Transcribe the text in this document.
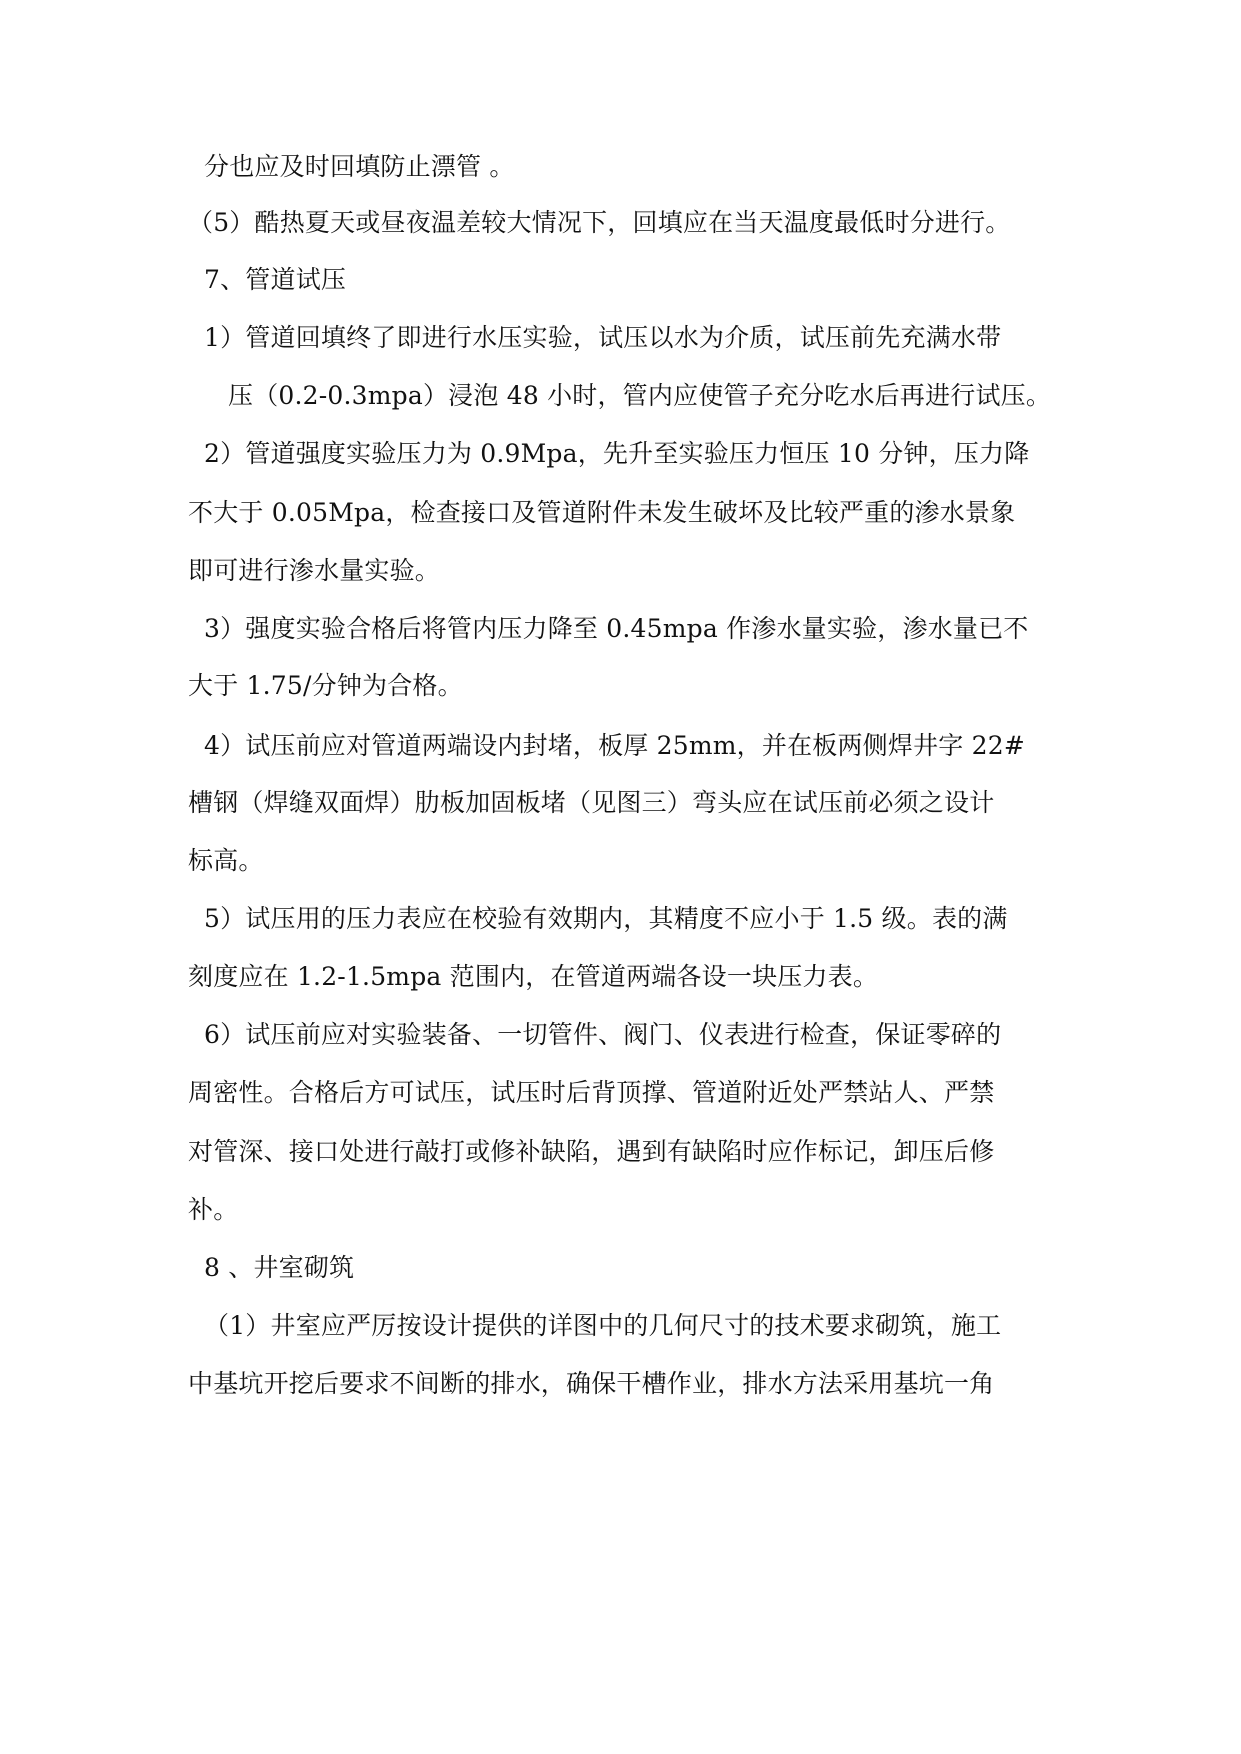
分也应及时回填防止漂管 。
（5）酷热夏天或昼夜温差较大情况下，回填应在当天温度最低时分进行。
7、管道试压
1）管道回填终了即进行水压实验，试压以水为介质，试压前先充满水带
压（0.2-0.3mpa）浸泡 48 小时，管内应使管子充分吃水后再进行试压。
2）管道强度实验压力为 0.9Mpa，先升至实验压力恒压 10 分钟，压力降
不大于 0.05Mpa，检查接口及管道附件未发生破坏及比较严重的渗水景象
即可进行渗水量实验。
3）强度实验合格后将管内压力降至 0.45mpa 作渗水量实验，渗水量已不
大于 1.75/分钟为合格。
4）试压前应对管道两端设内封堵，板厚 25mm，并在板两侧焊井字 22#
槽钢（焊缝双面焊）肋板加固板堵（见图三）弯头应在试压前必须之设计
标高。
5）试压用的压力表应在校验有效期内，其精度不应小于 1.5 级。表的满
刻度应在 1.2-1.5mpa 范围内，在管道两端各设一块压力表。
6）试压前应对实验装备、一切管件、阀门、仪表进行检查，保证零碎的
周密性。合格后方可试压，试压时后背顶撑、管道附近处严禁站人、严禁
对管深、接口处进行敲打或修补缺陷，遇到有缺陷时应作标记，卸压后修
补。
8 、井室砌筑
（1）井室应严厉按设计提供的详图中的几何尺寸的技术要求砌筑，施工
中基坑开挖后要求不间断的排水，确保干槽作业，排水方法采用基坑一角
